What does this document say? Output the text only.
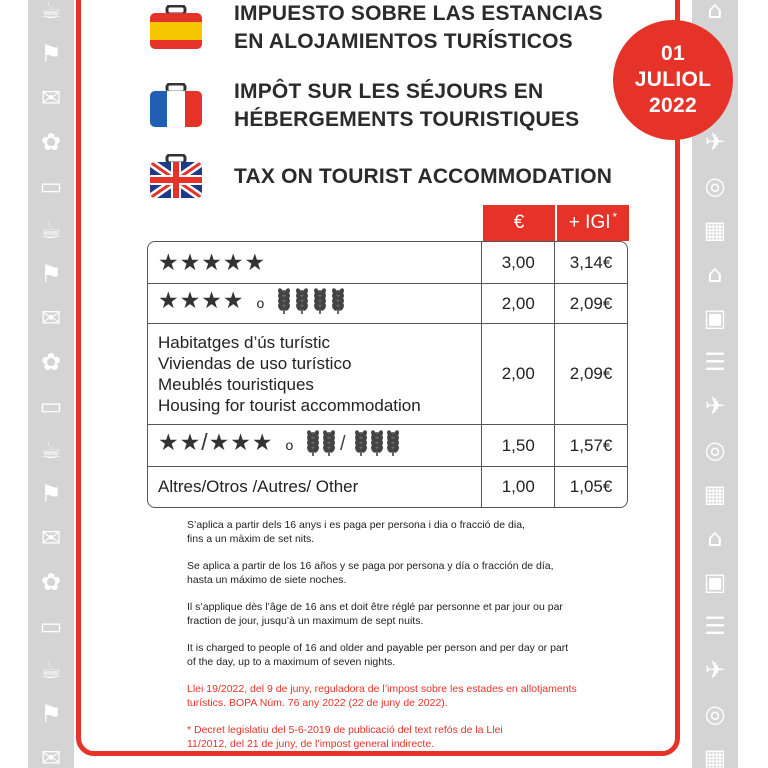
☕
⚑
✉
✿
▭
☕
⚑
✉
✿
▭
☕
⚑
✉
✿
▭
☕
⚑
✉
⌂
✈
◎
▦
⌂
▣
☰
✈
◎
▦
⌂
▣
☰
✈
◎
▦
IMPUESTO SOBRE LAS ESTANCIAS
EN ALOJAMIENTOS TURÍSTICOS
IMPÔT SUR LES SÉJOURS EN
HÉBERGEMENTS TOURISTIQUES
TAX ON TOURIST ACCOMMODATION
01
JULIOL
2022
€ + IGI*
★★★★★	3,00	3,14€
★★★★ o	2,00	2,09€

Habitatges d’ús turístic
Viviendas de uso turístico
Meublés touristiques
Housing for tourist accommodation	2,00	2,09€
★★/★★★ o /	1,50	1,57€
Altres/Otros /Autres/ Other	1,00	1,05€

S’aplica a partir dels 16 anys i es paga per persona i dia o fracció de dia,
fins a un màxim de set nits.

Se aplica a partir de los 16 años y se paga por persona y día o fracción de día,
hasta un máximo de siete noches.

Il s’applique dès l’âge de 16 ans et doit être réglé par personne et par jour ou par
fraction de jour, jusqu’à un maximum de sept nuits.

It is charged to people of 16 and older and payable per person and per day or part
of the day, up to a maximum of seven nights.

Llei 19/2022, del 9 de juny, reguladora de l’impost sobre les estades en allotjaments
turístics. BOPA Núm. 76 any 2022 (22 de juny de 2022).

* Decret legislatiu del 5-6-2019 de publicació del text refós de la Llei
11/2012, del 21 de juny, de l’impost general indirecte.
